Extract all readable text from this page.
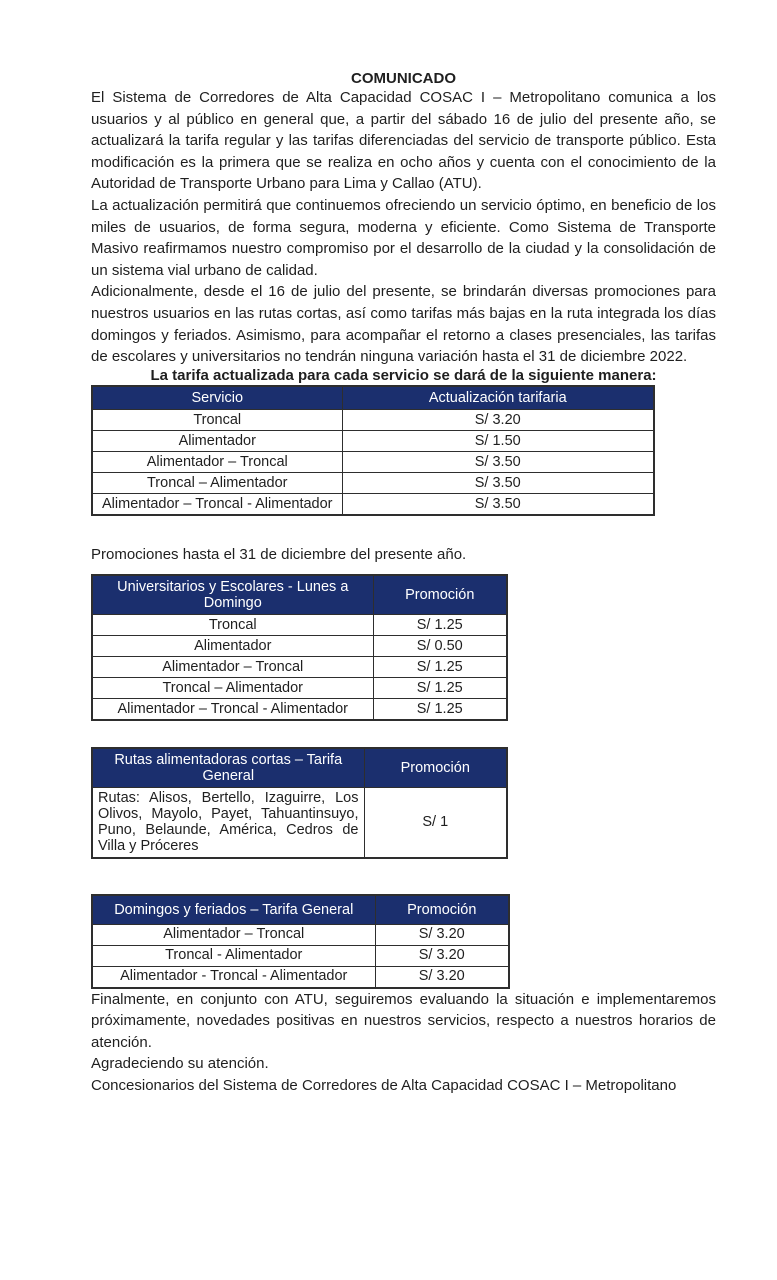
COMUNICADO

El Sistema de Corredores de Alta Capacidad COSAC I – Metropolitano comunica a los usuarios y al público en general que, a partir del sábado 16 de julio del presente año, se actualizará la tarifa regular y las tarifas diferenciadas del servicio de transporte público. Esta modificación es la primera que se realiza en ocho años y cuenta con el conocimiento de la Autoridad de Transporte Urbano para Lima y Callao (ATU).

La actualización permitirá que continuemos ofreciendo un servicio óptimo, en beneficio de los miles de usuarios, de forma segura, moderna y eficiente. Como Sistema de Transporte Masivo reafirmamos nuestro compromiso por el desarrollo de la ciudad y la consolidación de un sistema vial urbano de calidad.

Adicionalmente, desde el 16 de julio del presente, se brindarán diversas promociones para nuestros usuarios en las rutas cortas, así como tarifas más bajas en la ruta integrada los días domingos y feriados. Asimismo, para acompañar el retorno a clases presenciales, las tarifas de escolares y universitarios no tendrán ninguna variación hasta el 31 de diciembre 2022.

La tarifa actualizada para cada servicio se dará de la siguiente manera:

Servicio	Actualización tarifaria
Troncal	S/ 3.20
Alimentador	S/ 1.50
Alimentador – Troncal	S/ 3.50
Troncal – Alimentador	S/ 3.50
Alimentador – Troncal - Alimentador	S/ 3.50

Promociones hasta el 31 de diciembre del presente año.

Universitarios y Escolares - Lunes a Domingo	Promoción
Troncal	S/ 1.25
Alimentador	S/ 0.50
Alimentador – Troncal	S/ 1.25
Troncal – Alimentador	S/ 1.25
Alimentador – Troncal - Alimentador	S/ 1.25
Rutas alimentadoras cortas – Tarifa General	Promoción
Rutas: Alisos, Bertello, Izaguirre, Los Olivos, Mayolo, Payet, Tahuantinsuyo, Puno, Belaunde, América, Cedros de Villa y Próceres	S/ 1
Domingos y feriados – Tarifa General	Promoción
Alimentador – Troncal	S/ 3.20
Troncal - Alimentador	S/ 3.20
Alimentador - Troncal - Alimentador	S/ 3.20

Finalmente, en conjunto con ATU, seguiremos evaluando la situación e implementaremos próximamente, novedades positivas en nuestros servicios, respecto a nuestros horarios de atención.

Agradeciendo su atención.

Concesionarios del Sistema de Corredores de Alta Capacidad COSAC I – Metropolitano
